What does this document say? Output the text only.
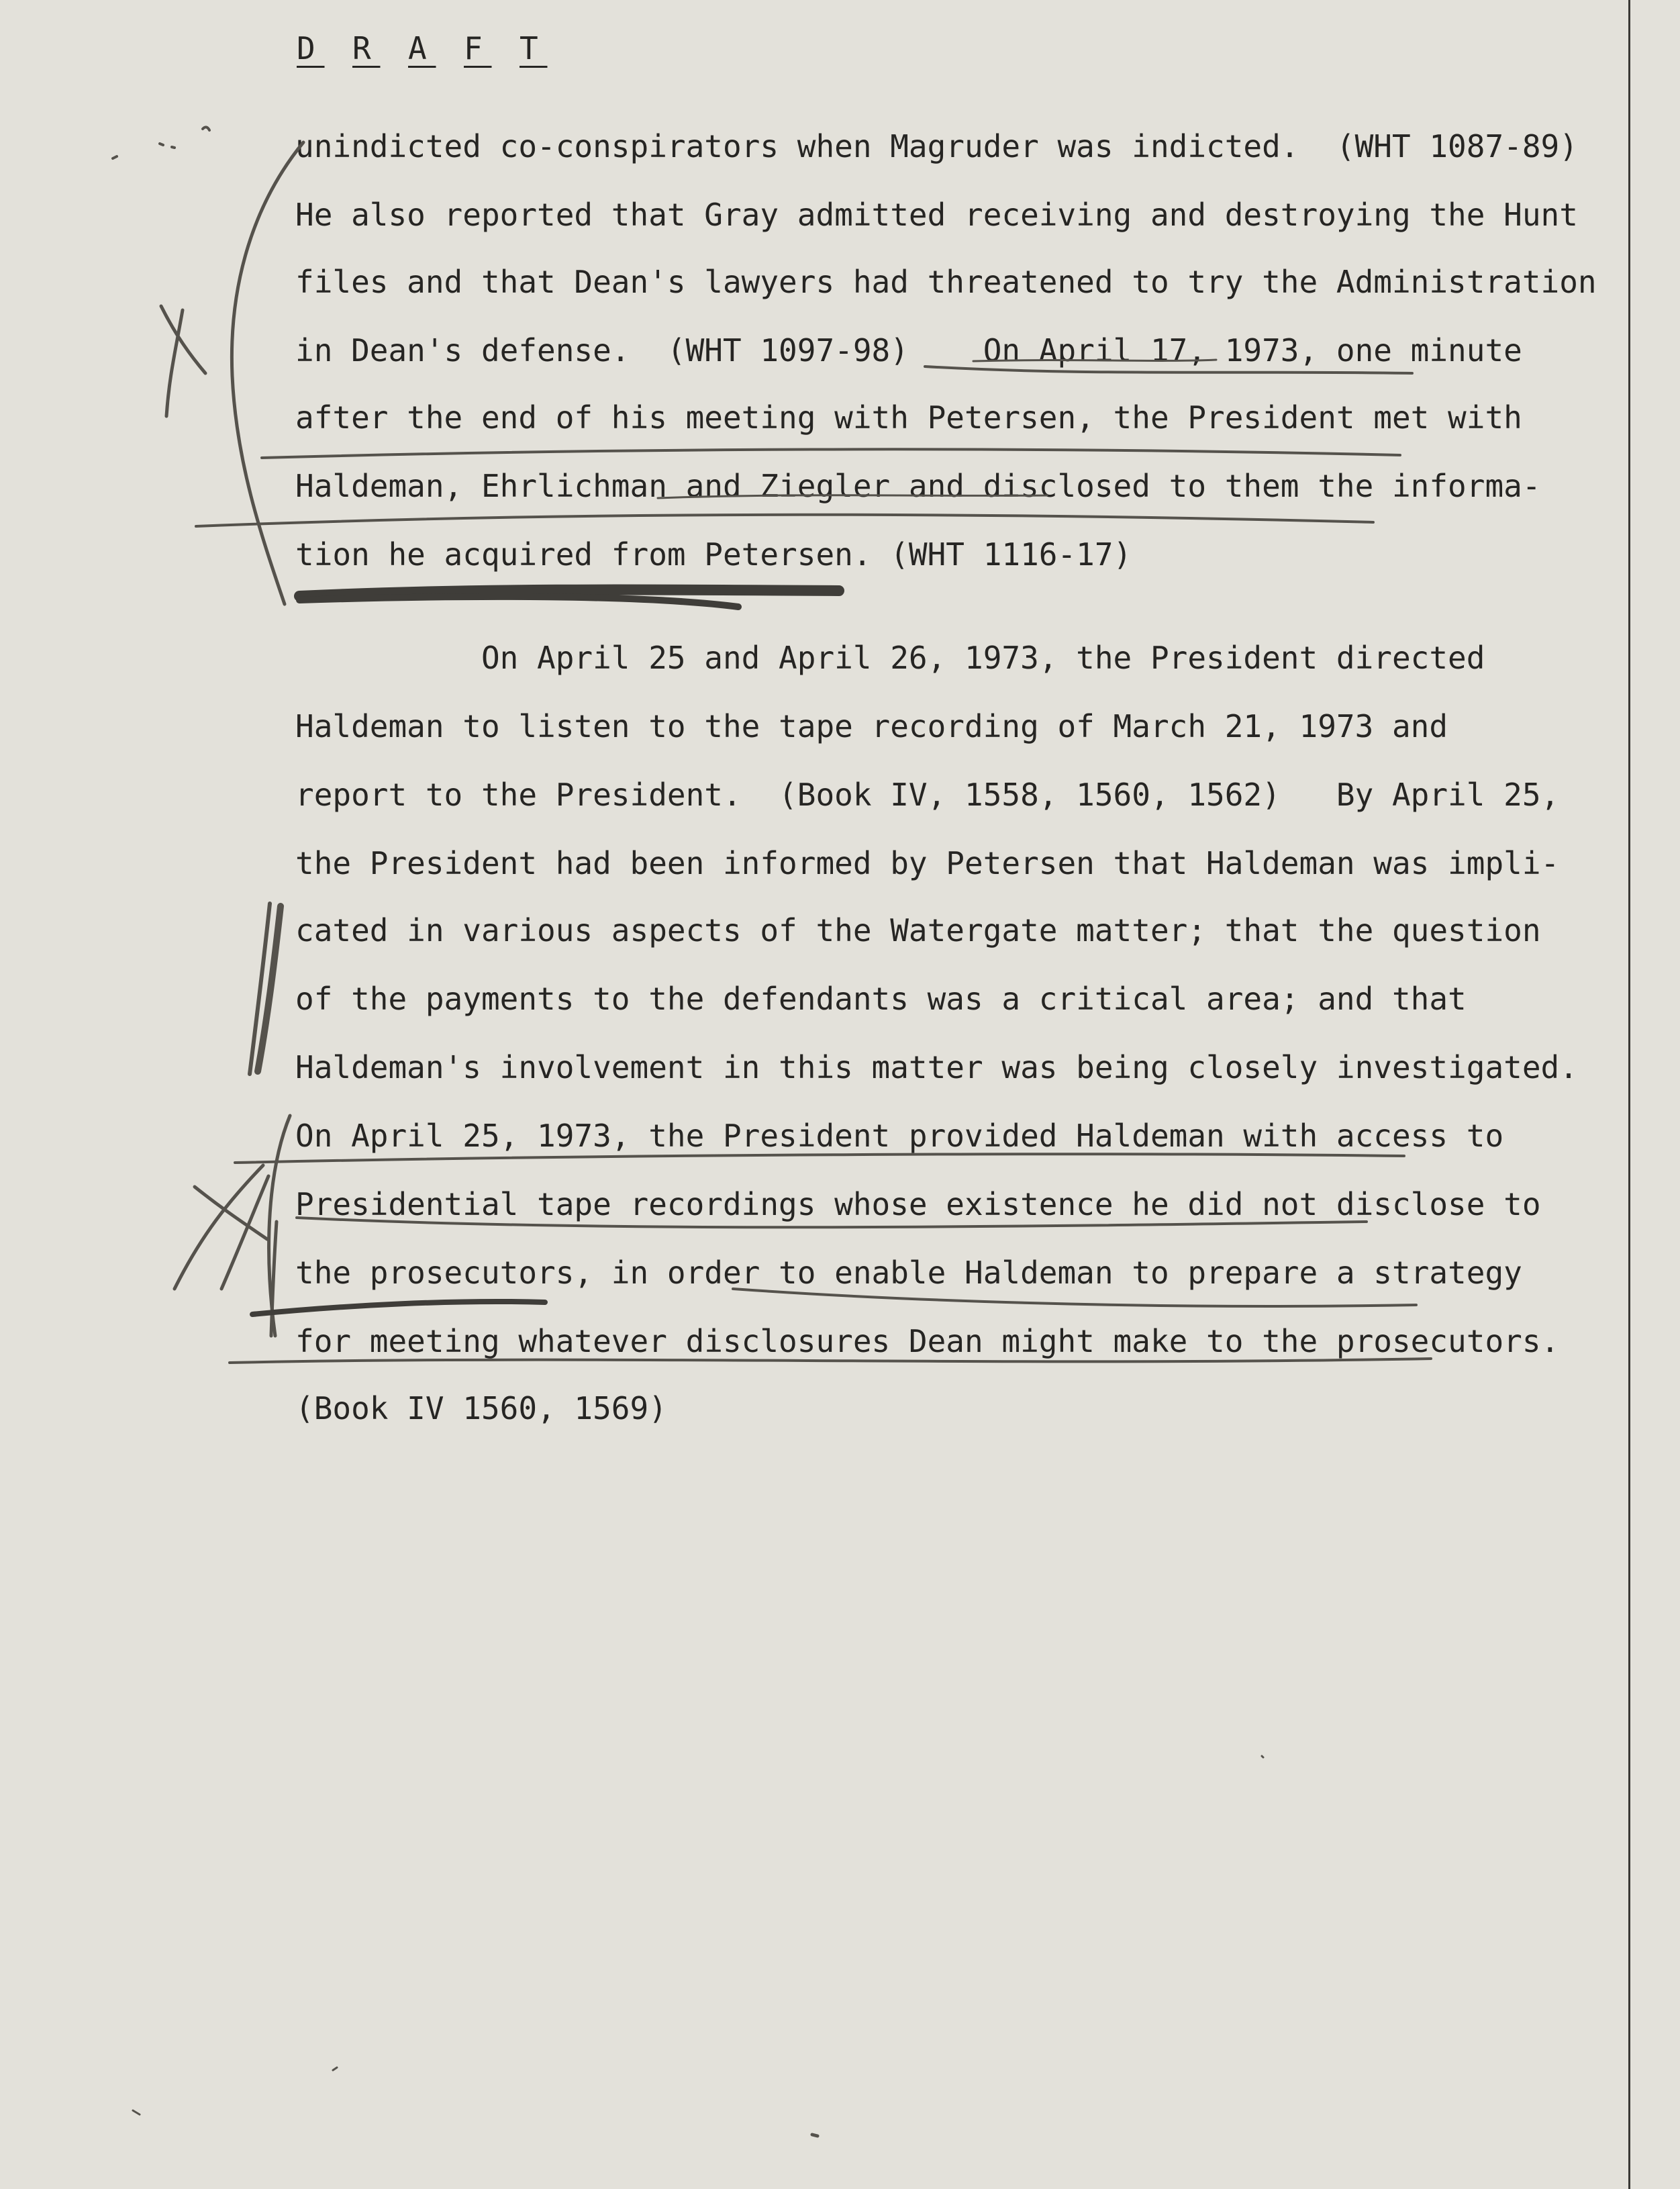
D R A F T

unindicted co-conspirators when Magruder was indicted.  (WHT 1087-89)

He also reported that Gray admitted receiving and destroying the Hunt

files and that Dean's lawyers had threatened to try the Administration

in Dean's defense.  (WHT 1097-98)    On April 17, 1973, one minute

after the end of his meeting with Petersen, the President met with

Haldeman, Ehrlichman and Ziegler and disclosed to them the informa-

tion he acquired from Petersen. (WHT 1116-17)

On April 25 and April 26, 1973, the President directed

Haldeman to listen to the tape recording of March 21, 1973 and

report to the President.  (Book IV, 1558, 1560, 1562)   By April 25,

the President had been informed by Petersen that Haldeman was impli-

cated in various aspects of the Watergate matter; that the question

of the payments to the defendants was a critical area; and that

Haldeman's involvement in this matter was being closely investigated.

On April 25, 1973, the President provided Haldeman with access to

Presidential tape recordings whose existence he did not disclose to

the prosecutors, in order to enable Haldeman to prepare a strategy

for meeting whatever disclosures Dean might make to the prosecutors.

(Book IV 1560, 1569)
